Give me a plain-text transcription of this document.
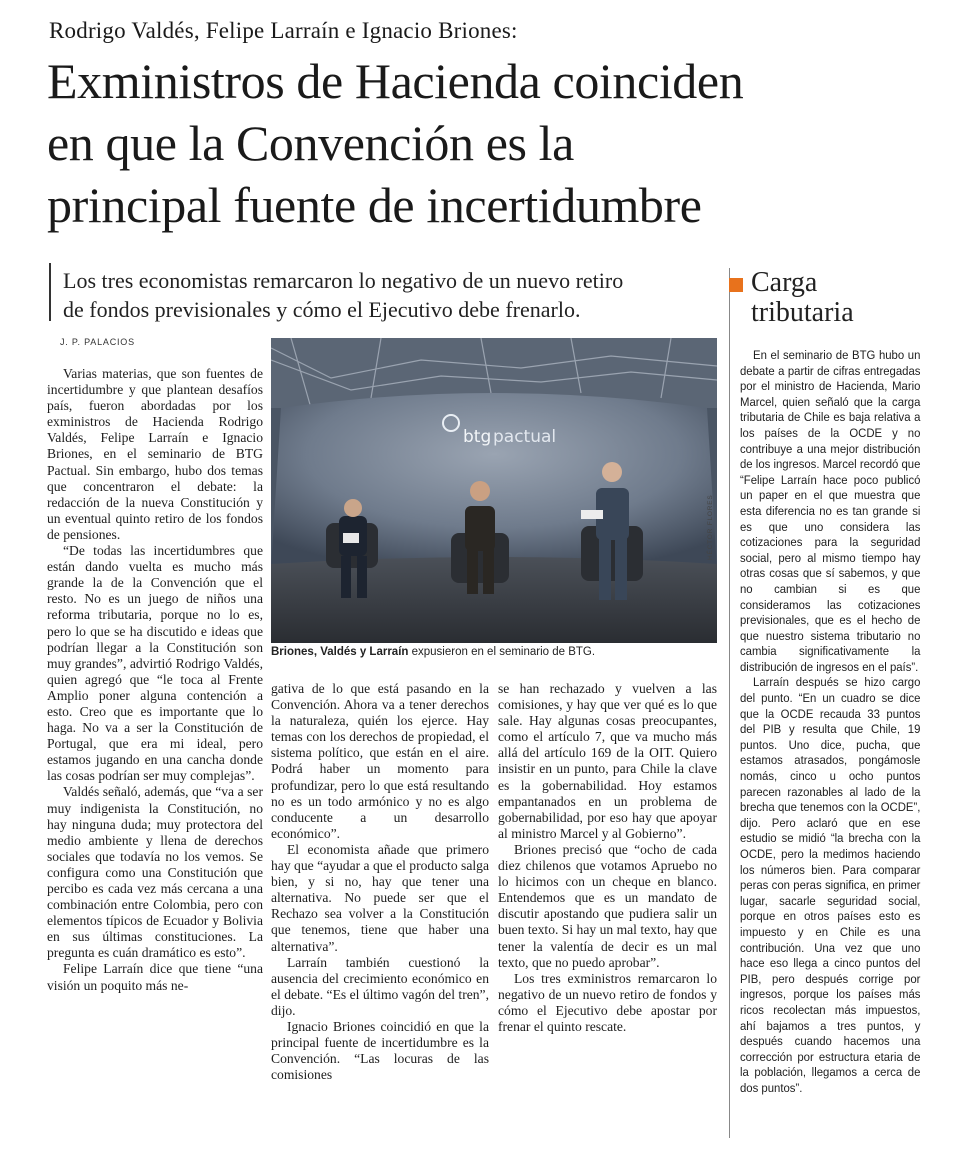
Rodrigo Valdés, Felipe Larraín e Ignacio Briones:
Exministros de Hacienda coinciden
en que la Convención es la
principal fuente de incertidumbre
Los tres economistas remarcaron lo negativo de un nuevo retiro
de fondos previsionales y cómo el Ejecutivo debe frenarlo.
J. P. PALACIOS

Varias materias, que son fuentes de incertidumbre y que plantean desafíos país, fueron abordadas por los exministros de Hacienda Rodrigo Valdés, Felipe Larraín e Ignacio Briones, en el seminario de BTG Pactual. Sin embargo, hubo dos temas que concentraron el debate: la redacción de la nueva Constitución y un eventual quinto retiro de los fondos de pensiones.

“De todas las incertidumbres que están dando vuelta es mucho más grande la de la Convención que el resto. No es un juego de niños una reforma tributaria, porque no lo es, pero lo que se ha discutido e ideas que podrían llegar a la Constitución son muy grandes”, advirtió Rodrigo Valdés, quien agregó que “le toca al Frente Amplio poner alguna contención a esto. Creo que es importante que lo haga. No va a ser la Constitución de Portugal, que era mi ideal, pero estamos jugando en una cancha donde las cosas podrían ser muy complejas”.

Valdés señaló, además, que “va a ser muy indigenista la Constitución, no hay ninguna duda; muy protectora del medio ambiente y llena de derechos sociales que todavía no los vemos. Se configura como una Constitución que percibo es cada vez más cercana a una combinación entre Colombia, pero con elementos típicos de Ecuador y Bolivia en sus últimas constituciones. La pregunta es cuán dramático es esto”.

Felipe Larraín dice que tiene “una visión un poquito más ne-

btg pactual
HÉCTOR FLORES
Briones, Valdés y Larraín expusieron en el seminario de BTG.

gativa de lo que está pasando en la Convención. Ahora va a tener derechos la naturaleza, quién los ejerce. Hay temas con los derechos de propiedad, el sistema político, que están en el aire. Podrá haber un momento para profundizar, pero lo que está resultando no es un todo armónico y no es algo conducente a un desarrollo económico”.

El economista añade que primero hay que “ayudar a que el producto salga bien, y si no, hay que tener una alternativa. No puede ser que el Rechazo sea volver a la Constitución que tenemos, tiene que haber una alternativa”.

Larraín también cuestionó la ausencia del crecimiento económico en el debate. “Es el último vagón del tren”, dijo.

Ignacio Briones coincidió en que la principal fuente de incertidumbre es la Convención. “Las locuras de las comisiones

se han rechazado y vuelven a las comisiones, y hay que ver qué es lo que sale. Hay algunas cosas preocupantes, como el artículo 7, que va mucho más allá del artículo 169 de la OIT. Quiero insistir en un punto, para Chile la clave es la gobernabilidad. Hoy estamos empantanados en un problema de gobernabilidad, por eso hay que apoyar al ministro Marcel y al Gobierno”.

Briones precisó que “ocho de cada diez chilenos que votamos Apruebo no lo hicimos con un cheque en blanco. Entendemos que es un mandato de discutir apostando que pudiera salir un buen texto. Si hay un mal texto, hay que tener la valentía de decir es un mal texto, que no puedo aprobar”.

Los tres exministros remarcaron lo negativo de un nuevo retiro de fondos y cómo el Ejecutivo debe apostar por frenar el quinto rescate.

Carga
tributaria

En el seminario de BTG hubo un debate a partir de cifras entregadas por el ministro de Hacienda, Mario Marcel, quien señaló que la carga tributaria de Chile es baja relativa a los países de la OCDE y no contribuye a una mejor distribución de los ingresos. Marcel recordó que “Felipe Larraín hace poco publicó un paper en el que muestra que esta diferencia no es tan grande si es que uno considera las cotizaciones para la seguridad social, pero al mismo tiempo hay otras cosas que sí sabemos, y que no cambian si es que consideramos las cotizaciones previsionales, que es el hecho de que nuestro sistema tributario no cambia significativamente la distribución de ingresos en el país”.

Larraín después se hizo cargo del punto. “En un cuadro se dice que la OCDE recauda 33 puntos del PIB y resulta que Chile, 19 puntos. Uno dice, pucha, que estamos atrasados, pongámosle nomás, cinco u ocho puntos parecen razonables al lado de la brecha que tenemos con la OCDE”, dijo. Pero aclaró que en ese estudio se midió “la brecha con la OCDE, pero la medimos haciendo los números bien. Para comparar peras con peras significa, en primer lugar, sacarle seguridad social, porque en otros países esto es impuesto y en Chile es una contribución. Una vez que uno hace eso llega a cinco puntos del PIB, pero después corrige por ingresos, porque los países más ricos recolectan más impuestos, ahí bajamos a tres puntos, y después cuando hacemos una corrección por estructura etaria de la población, llegamos a cerca de dos puntos”.
